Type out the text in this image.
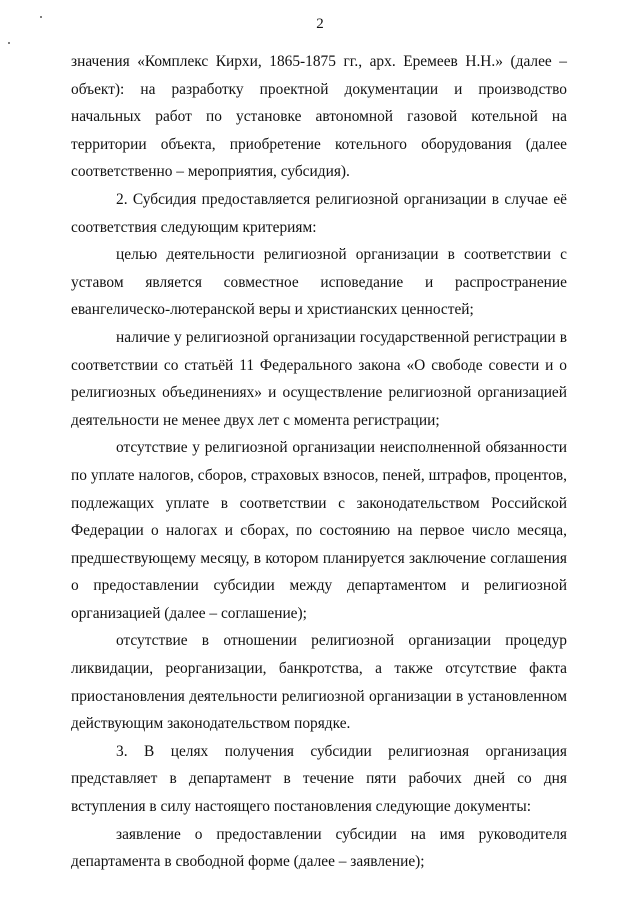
2
значения «Комплекс Кирхи, 1865-1875 гг., арх. Еремеев Н.Н.» (далее –
объект): на разработку проектной документации и производство
начальных работ по установке автономной газовой котельной на
территории объекта, приобретение котельного оборудования (далее
соответственно – мероприятия, субсидия).
2. Субсидия предоставляется религиозной организации в случае её
соответствия следующим критериям:
целью деятельности религиозной организации в соответствии с
уставом является совместное исповедание и распространение
евангелическо-лютеранской веры и христианских ценностей;
наличие у религиозной организации государственной регистрации в
соответствии со статьёй 11 Федерального закона «О свободе совести и о
религиозных объединениях» и осуществление религиозной организацией
деятельности не менее двух лет с момента регистрации;
отсутствие у религиозной организации неисполненной обязанности
по уплате налогов, сборов, страховых взносов, пеней, штрафов, процентов,
подлежащих уплате в соответствии с законодательством Российской
Федерации о налогах и сборах, по состоянию на первое число месяца,
предшествующему месяцу, в котором планируется заключение соглашения
о предоставлении субсидии между департаментом и религиозной
организацией (далее – соглашение);
отсутствие в отношении религиозной организации процедур
ликвидации, реорганизации, банкротства, а также отсутствие факта
приостановления деятельности религиозной организации в установленном
действующим законодательством порядке.
3. В целях получения субсидии религиозная организация
представляет в департамент в течение пяти рабочих дней со дня
вступления в силу настоящего постановления следующие документы:
заявление о предоставлении субсидии на имя руководителя
департамента в свободной форме (далее – заявление);
